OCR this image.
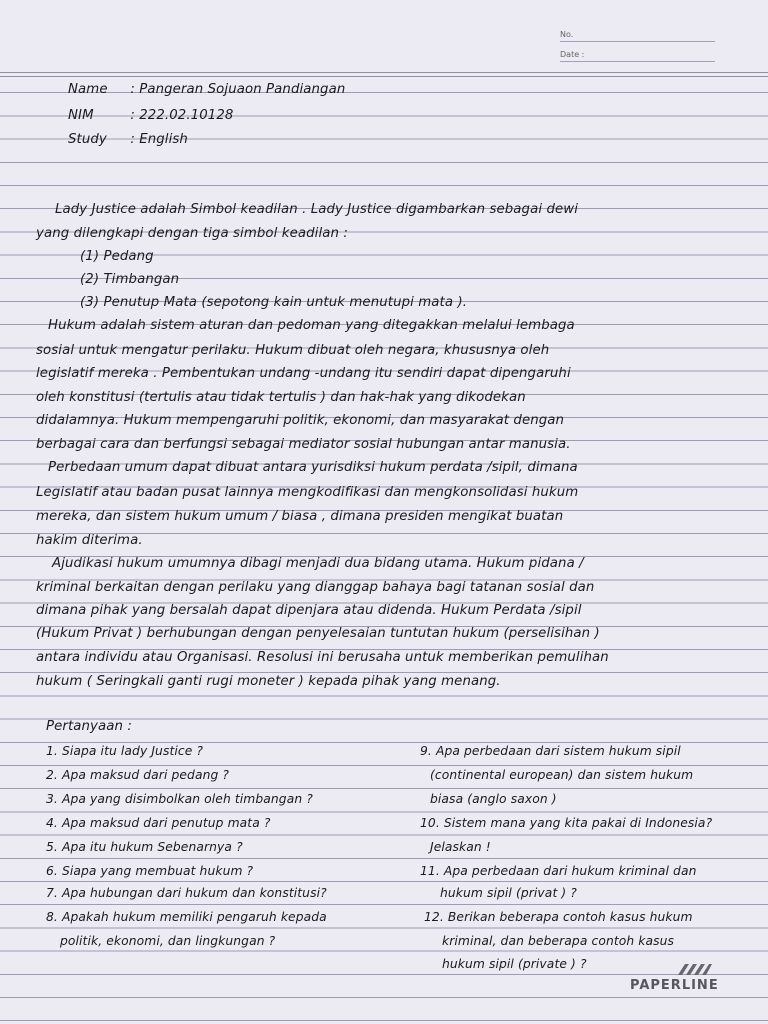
No.
Date :
Name : Pangeran Sojuaon Pandiangan
NIM	: 222.02.10128
Study : English
Lady Justice adalah Simbol keadilan . Lady Justice digambarkan sebagai dewi
yang dilengkapi dengan tiga simbol keadilan :
(1) Pedang
(2) Timbangan
(3) Penutup Mata (sepotong kain untuk menutupi mata ).
Hukum adalah sistem aturan dan pedoman yang ditegakkan melalui lembaga
sosial untuk mengatur perilaku. Hukum dibuat oleh negara, khususnya oleh
legislatif mereka . Pembentukan undang -undang itu sendiri dapat dipengaruhi
oleh konstitusi (tertulis atau tidak tertulis ) dan hak-hak yang dikodekan
didalamnya. Hukum mempengaruhi politik, ekonomi, dan masyarakat dengan
berbagai cara dan berfungsi sebagai mediator sosial hubungan antar manusia.
Perbedaan umum dapat dibuat antara yurisdiksi hukum perdata /sipil, dimana
Legislatif atau badan pusat lainnya mengkodifikasi dan mengkonsolidasi hukum
mereka, dan sistem hukum umum / biasa , dimana presiden mengikat buatan
hakim diterima.
Ajudikasi hukum umumnya dibagi menjadi dua bidang utama. Hukum pidana /
kriminal berkaitan dengan perilaku yang dianggap bahaya bagi tatanan sosial dan
dimana pihak yang bersalah dapat dipenjara atau didenda. Hukum Perdata /sipil
(Hukum Privat ) berhubungan dengan penyelesaian tuntutan hukum (perselisihan )
antara individu atau Organisasi. Resolusi ini berusaha untuk memberikan pemulihan
hukum ( Seringkali ganti rugi moneter ) kepada pihak yang menang.
Pertanyaan :
1. Siapa itu lady Justice ?
2. Apa maksud dari pedang ?
3. Apa yang disimbolkan oleh timbangan ?
4. Apa maksud dari penutup mata ?
5. Apa itu hukum Sebenarnya ?
6. Siapa yang membuat hukum ?
7. Apa hubungan dari hukum dan konstitusi?
8. Apakah hukum memiliki pengaruh kepada
politik, ekonomi, dan lingkungan ?
9. Apa perbedaan dari sistem hukum sipil
(continental european) dan sistem hukum
biasa (anglo saxon )
10. Sistem mana yang kita pakai di Indonesia?
Jelaskan !
11. Apa perbedaan dari hukum kriminal dan
hukum sipil (privat ) ?
12. Berikan beberapa contoh kasus hukum
kriminal, dan beberapa contoh kasus
hukum sipil (private ) ?
PAPERLINE
